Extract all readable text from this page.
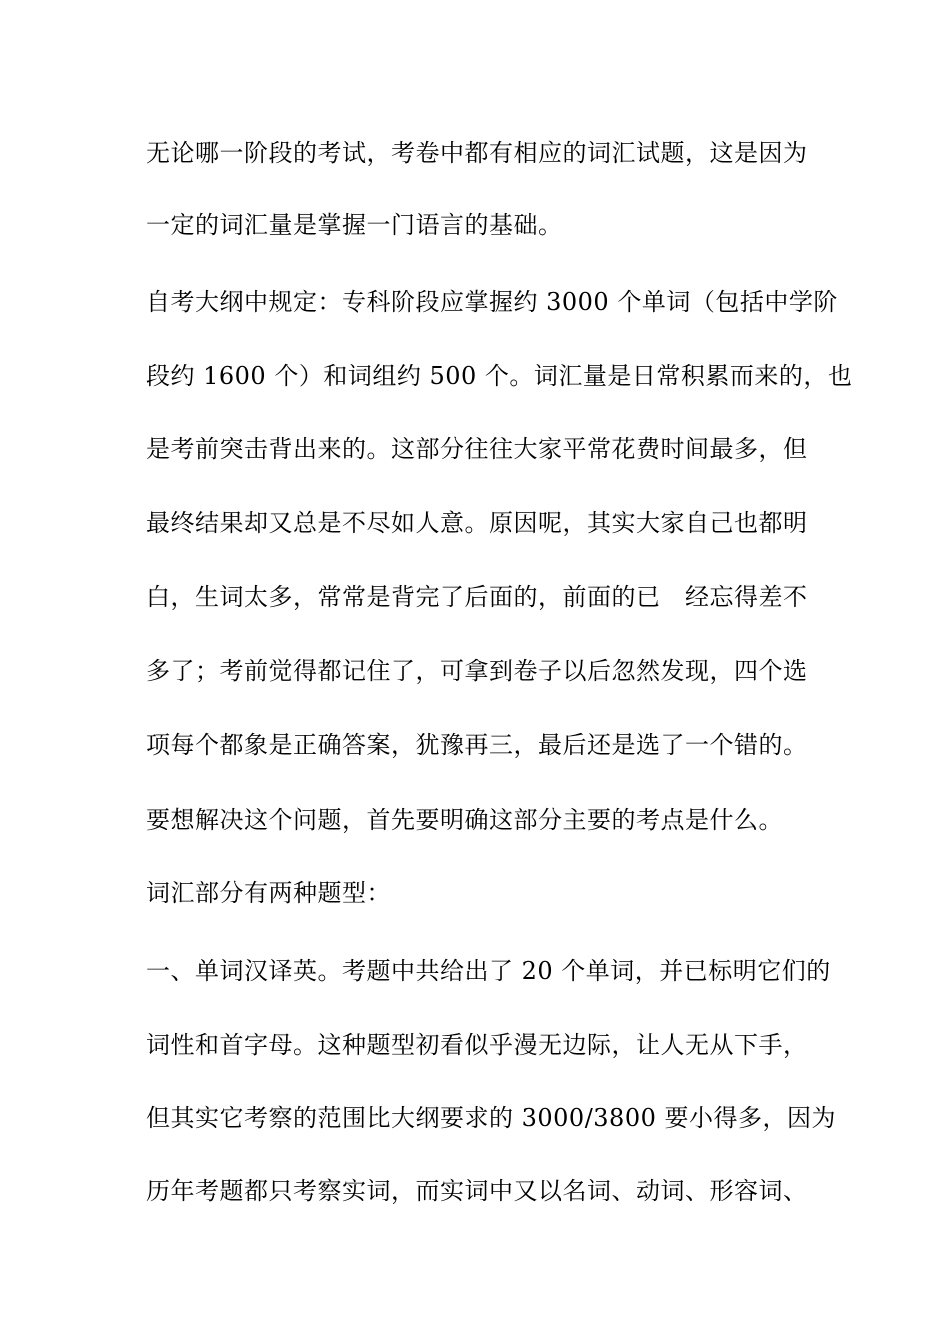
无论哪一阶段的考试，考卷中都有相应的词汇试题，这是因为
一定的词汇量是掌握一门语言的基础。
自考大纲中规定：专科阶段应掌握约 3000 个单词（包括中学阶
段约 1600 个）和词组约 500 个。词汇量是日常积累而来的，也
是考前突击背出来的。这部分往往大家平常花费时间最多，但
最终结果却又总是不尽如人意。原因呢，其实大家自己也都明
白，生词太多，常常是背完了后面的，前面的已　经忘得差不
多了；考前觉得都记住了，可拿到卷子以后忽然发现，四个选
项每个都象是正确答案，犹豫再三，最后还是选了一个错的。
要想解决这个问题，首先要明确这部分主要的考点是什么。
词汇部分有两种题型：
一、单词汉译英。考题中共给出了 20 个单词，并已标明它们的
词性和首字母。这种题型初看似乎漫无边际，让人无从下手，
但其实它考察的范围比大纲要求的 3000/3800 要小得多，因为
历年考题都只考察实词，而实词中又以名词、动词、形容词、
